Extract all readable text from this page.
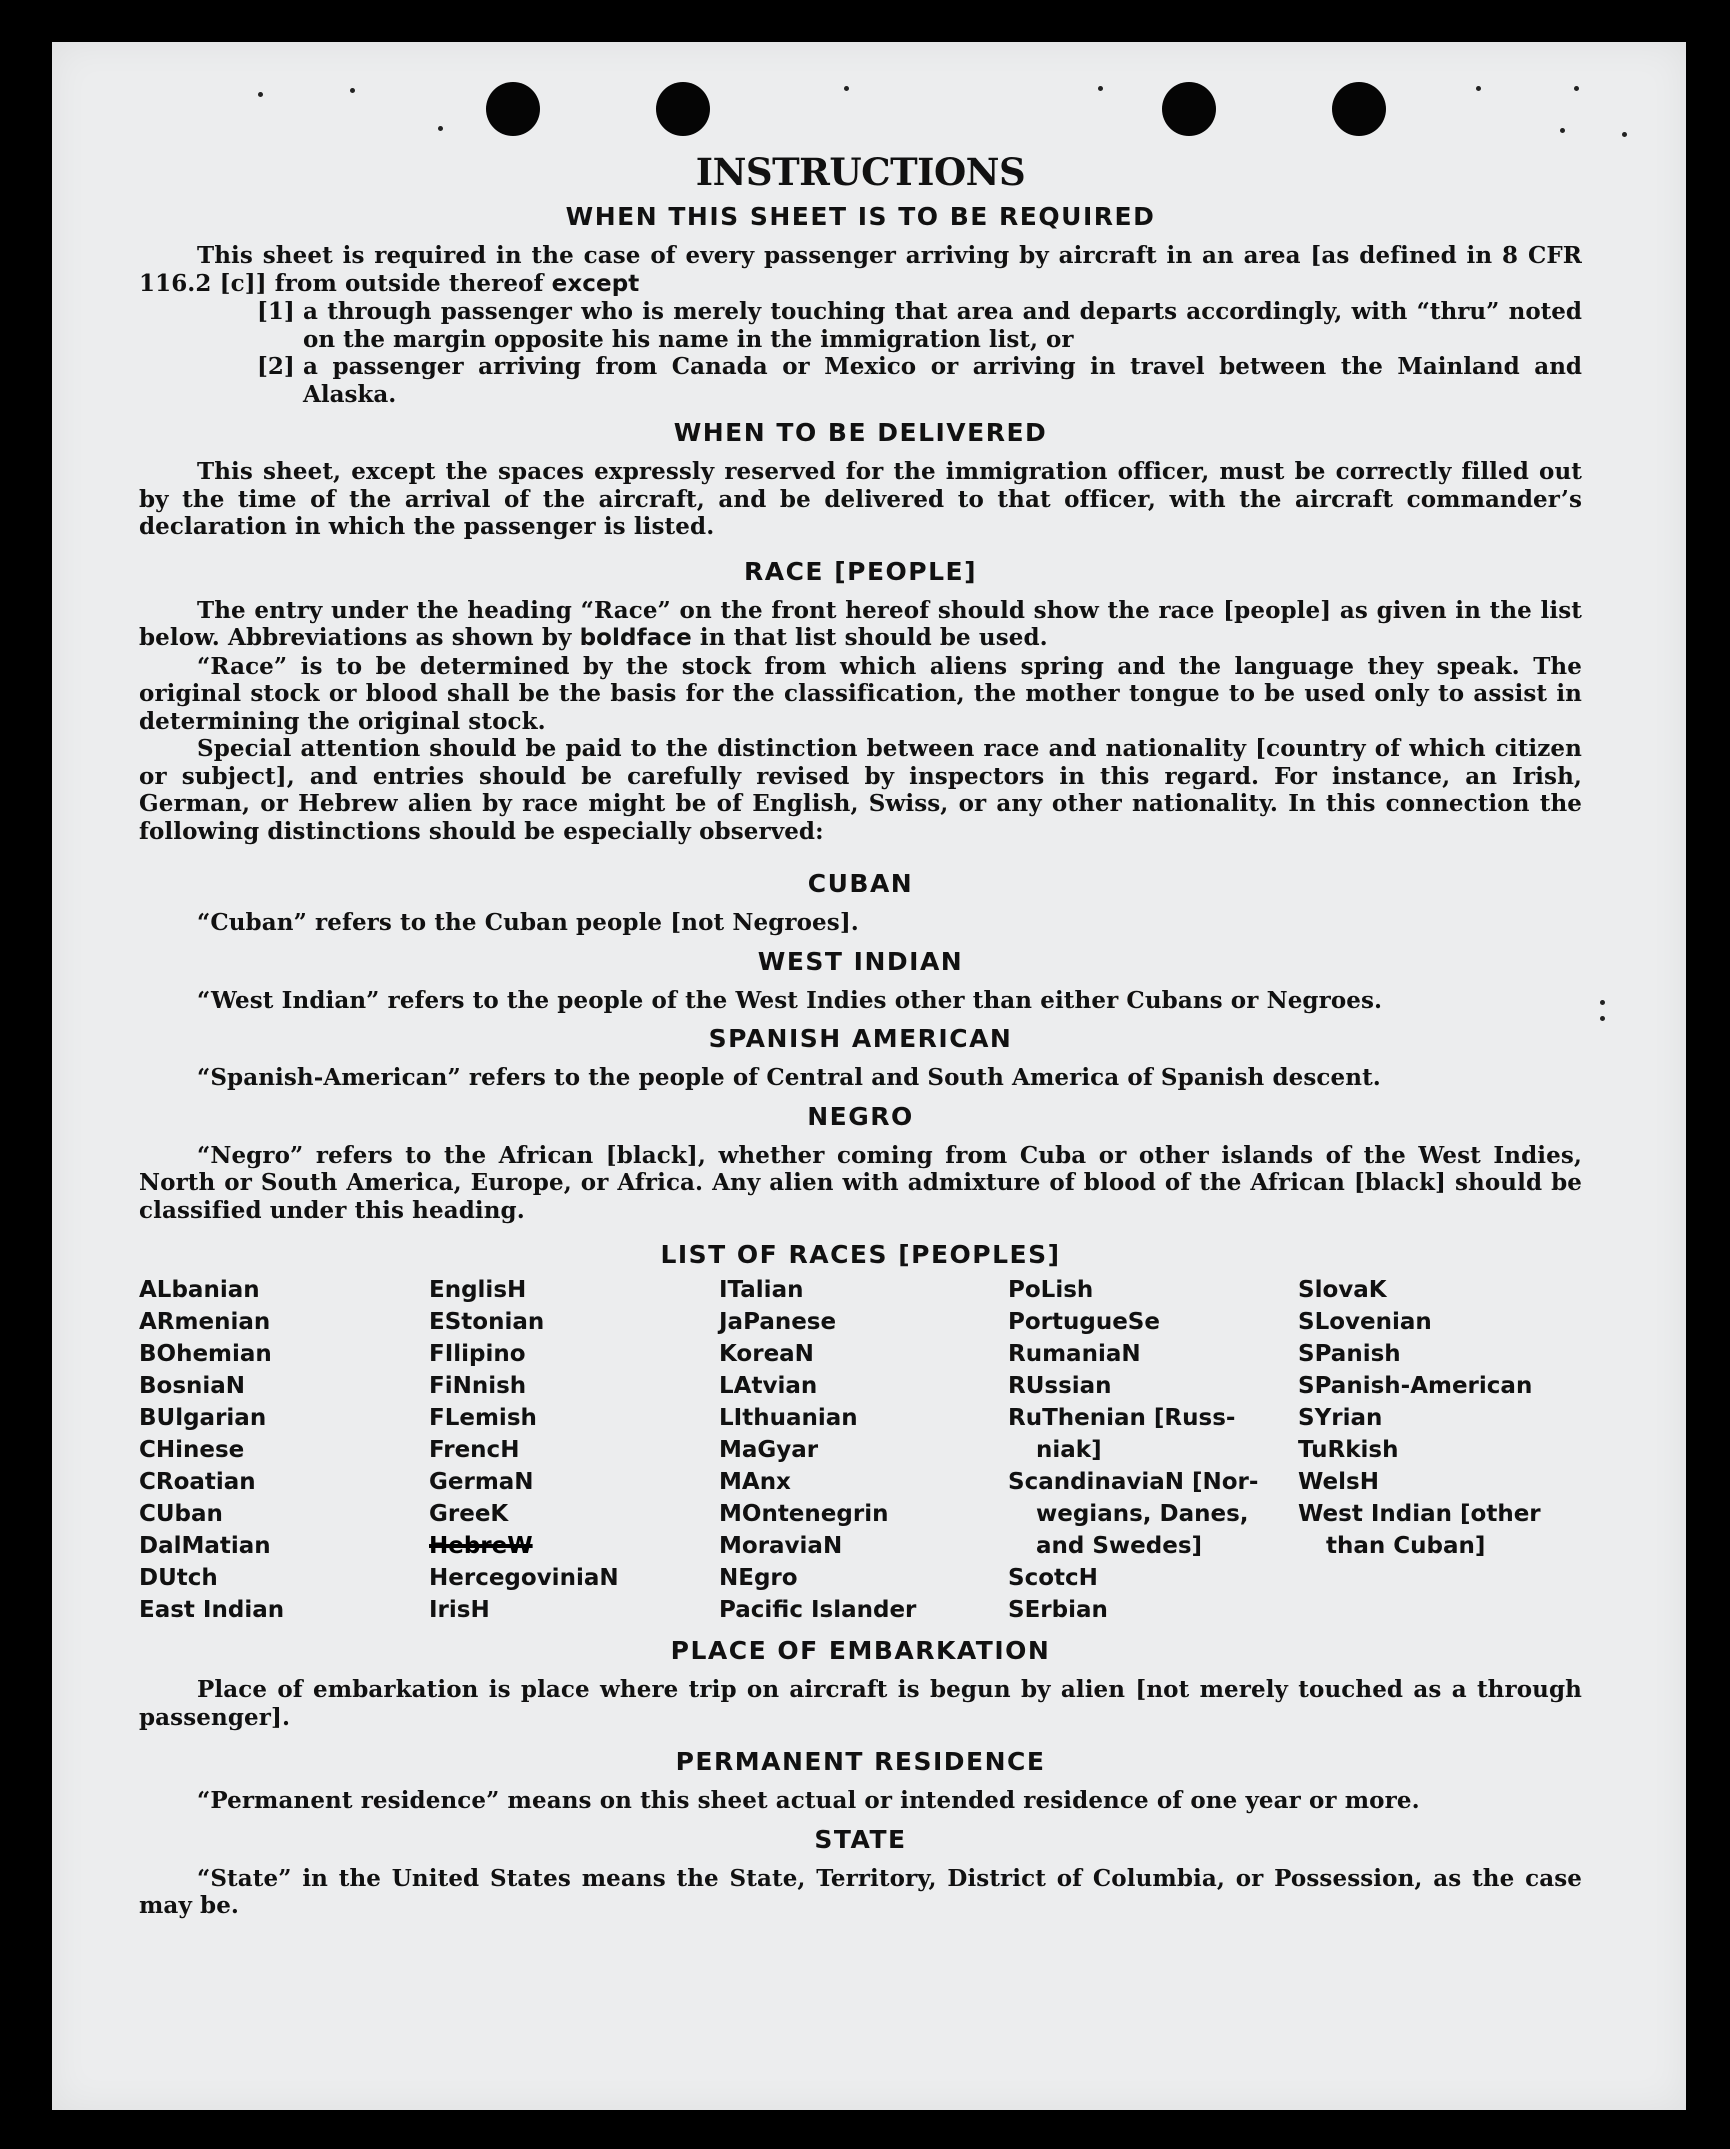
INSTRUCTIONS
WHEN THIS SHEET IS TO BE REQUIRED

This sheet is required in the case of every passenger arriving by aircraft in an area [as defined in 8 CFR 116.2 [c]] from outside thereof except

[1] a through passenger who is merely touching that area and departs accordingly, with “thru” noted on the margin opposite his name in the immigration list, or
[2] a passenger arriving from Canada or Mexico or arriving in travel between the Mainland and Alaska.
WHEN TO BE DELIVERED

This sheet, except the spaces expressly reserved for the immigration officer, must be correctly filled out by the time of the arrival of the aircraft, and be delivered to that officer, with the aircraft commander’s declaration in which the passenger is listed.

RACE [PEOPLE]

The entry under the heading “Race” on the front hereof should show the race [people] as given in the list below. Abbreviations as shown by boldface in that list should be used.

“Race” is to be determined by the stock from which aliens spring and the language they speak. The original stock or blood shall be the basis for the classification, the mother tongue to be used only to assist in determining the original stock.

Special attention should be paid to the distinction between race and nationality [country of which citizen or subject], and entries should be carefully revised by inspectors in this regard. For instance, an Irish, German, or Hebrew alien by race might be of English, Swiss, or any other nationality. In this connection the following distinctions should be especially observed:

CUBAN

“Cuban” refers to the Cuban people [not Negroes].

WEST INDIAN

“West Indian” refers to the people of the West Indies other than either Cubans or Negroes.

SPANISH AMERICAN

“Spanish-American” refers to the people of Central and South America of Spanish descent.

NEGRO

“Negro” refers to the African [black], whether coming from Cuba or other islands of the West Indies, North or South America, Europe, or Africa. Any alien with admixture of blood of the African [black] should be classified under this heading.

LIST OF RACES [PEOPLES]
ALbanian
ARmenian
BOhemian
BosniaN
BUlgarian
CHinese
CRoatian
CUban
DalMatian
DUtch
East Indian
EnglisH
EStonian
FIlipino
FiNnish
FLemish
FrencH
GermaN
GreeK
HebreW
HercegoviniaN
IrisH
ITalian
JaPanese
KoreaN
LAtvian
LIthuanian
MaGyar
MAnx
MOntenegrin
MoraviaN
NEgro
Pacific Islander
PoLish
PortugueSe
RumaniaN
RUssian
RuThenian [Russ-
niak]
ScandinaviaN [Nor-
wegians, Danes,
and Swedes]
ScotcH
SErbian
SlovaK
SLovenian
SPanish
SPanish-American
SYrian
TuRkish
WelsH
West Indian [other
than Cuban]
PLACE OF EMBARKATION

Place of embarkation is place where trip on aircraft is begun by alien [not merely touched as a through passenger].

PERMANENT RESIDENCE

“Permanent residence” means on this sheet actual or intended residence of one year or more.

STATE

“State” in the United States means the State, Territory, District of Columbia, or Possession, as the case may be.
